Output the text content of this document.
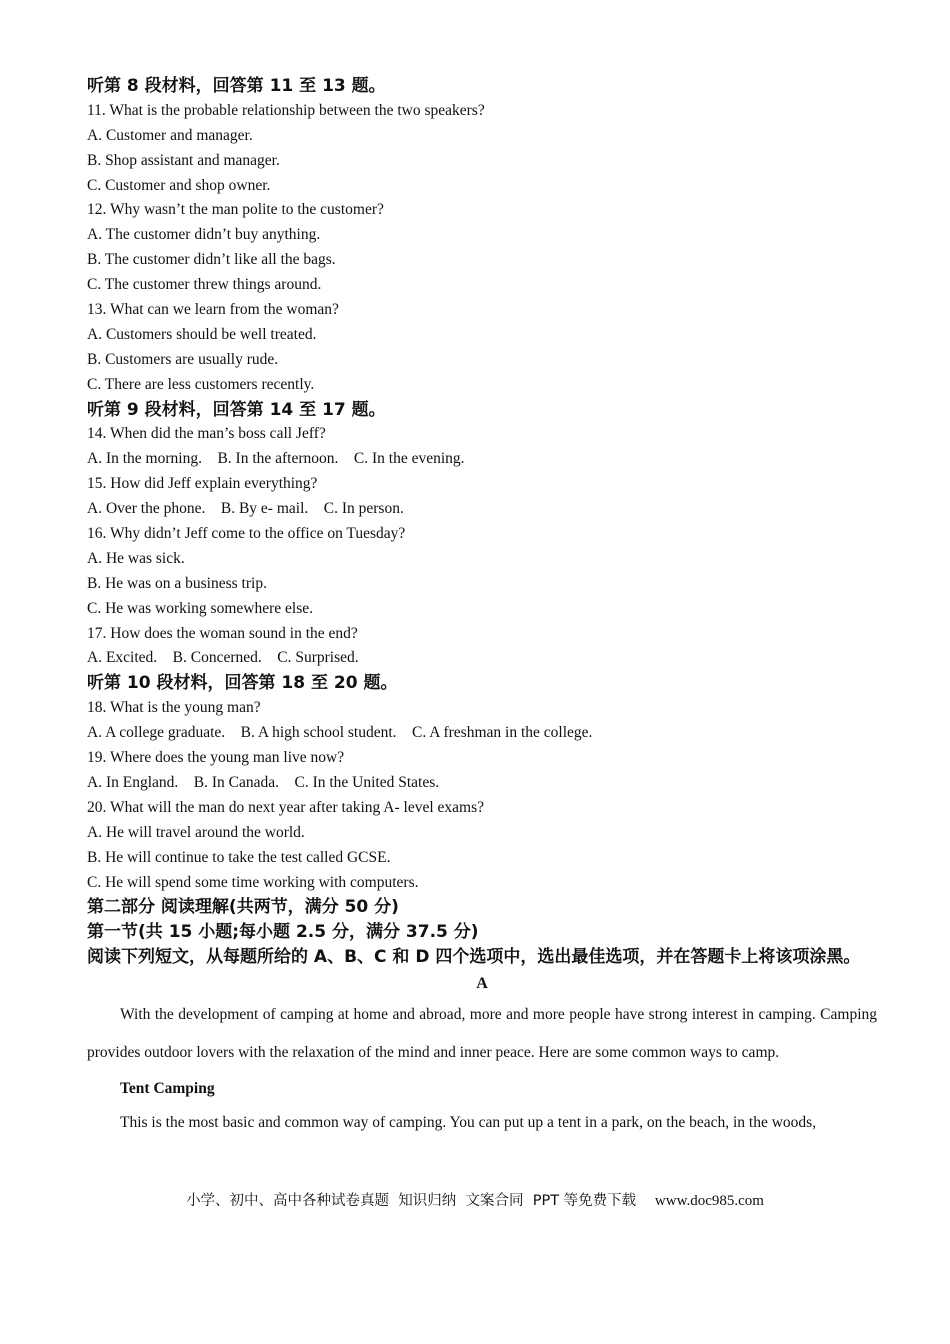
听第 8 段材料，回答第 11 至 13 题。
11. What is the probable relationship between the two speakers?
A. Customer and manager.
B. Shop assistant and manager.
C. Customer and shop owner.
12. Why wasn’t the man polite to the customer?
A. The customer didn’t buy anything.
B. The customer didn’t like all the bags.
C. The customer threw things around.
13. What can we learn from the woman?
A. Customers should be well treated.
B. Customers are usually rude.
C. There are less customers recently.
听第 9 段材料，回答第 14 至 17 题。
14. When did the man’s boss call Jeff?
A. In the morning.    B. In the afternoon.    C. In the evening.
15. How did Jeff explain everything?
A. Over the phone.    B. By e- mail.    C. In person.
16. Why didn’t Jeff come to the office on Tuesday?
A. He was sick.
B. He was on a business trip.
C. He was working somewhere else.
17. How does the woman sound in the end?
A. Excited.    B. Concerned.    C. Surprised.
听第 10 段材料，回答第 18 至 20 题。
18. What is the young man?
A. A college graduate.    B. A high school student.    C. A freshman in the college.
19. Where does the young man live now?
A. In England.    B. In Canada.    C. In the United States.
20. What will the man do next year after taking A- level exams?
A. He will travel around the world.
B. He will continue to take the test called GCSE.
C. He will spend some time working with computers.
第二部分 阅读理解(共两节，满分 50 分)
第一节(共 15 小题;每小题 2.5 分，满分 37.5 分)
阅读下列短文，从每题所给的 A、B、C 和 D 四个选项中，选出最佳选项，并在答题卡上将该项涂黑。
A
With the development of camping at home and abroad, more and more people have strong interest in camping. Camping provides outdoor lovers with the relaxation of the mind and inner peace. Here are some common ways to camp.
Tent Camping
This is the most basic and common way of camping. You can put up a tent in a park, on the beach, in the woods,
小学、初中、高中各种试卷真题  知识归纳  文案合同  PPT 等免费下载 www.doc985.com
